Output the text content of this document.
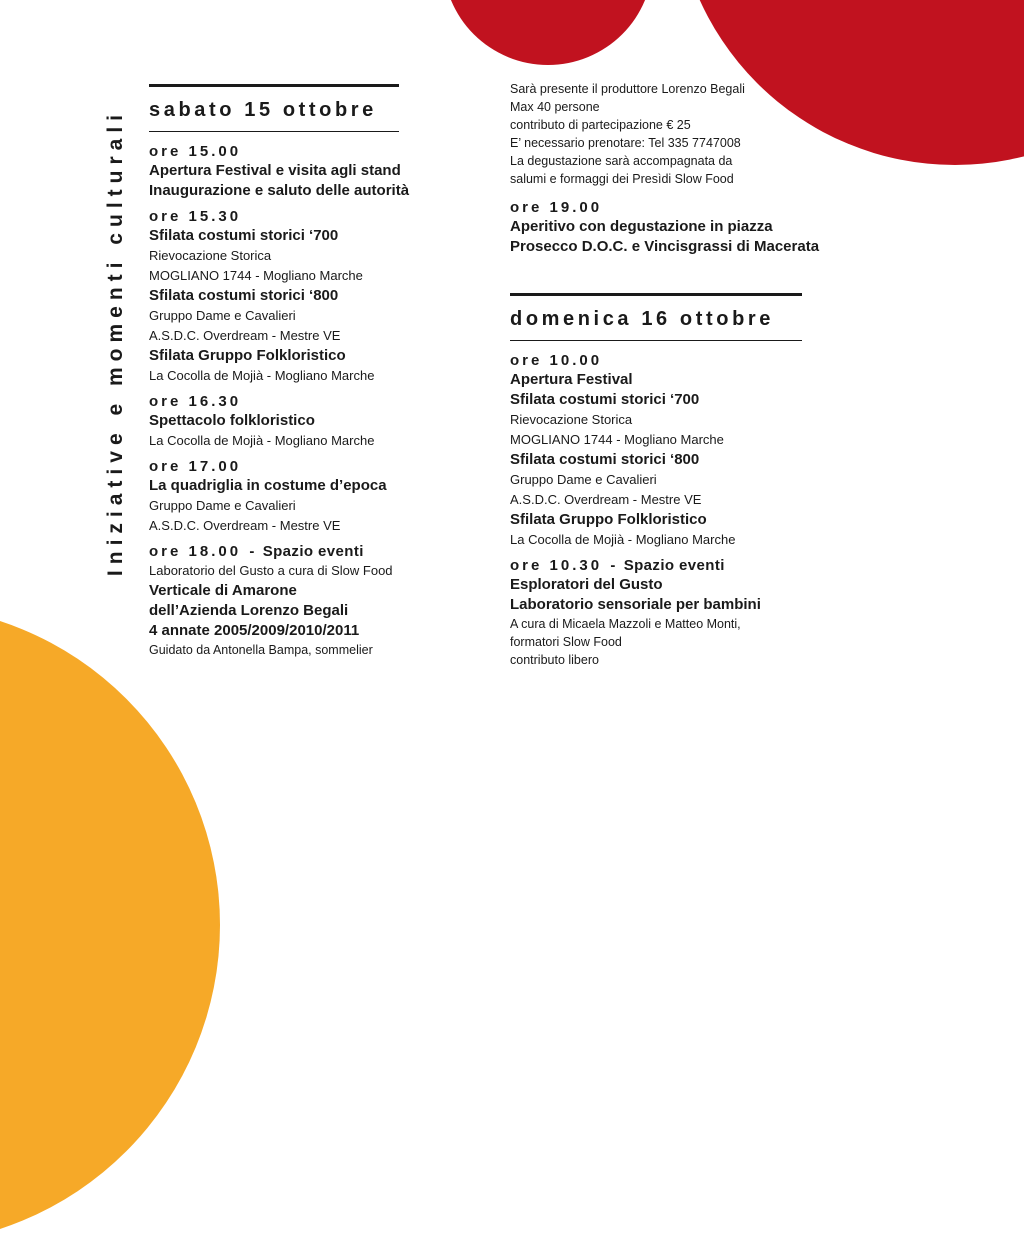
Iniziative e momenti culturali sabato 15 ottobre
ore 15.00
Apertura Festival e visita agli stand
Inaugurazione e saluto delle autorità
ore 15.30
Sfilata costumi storici ‘700
Rievocazione Storica
MOGLIANO 1744 - Mogliano Marche
Sfilata costumi storici ‘800
Gruppo Dame e Cavalieri
A.S.D.C. Overdream - Mestre VE
Sfilata Gruppo Folkloristico
La Cocolla de Mojià - Mogliano Marche
ore 16.30
Spettacolo folkloristico
La Cocolla de Mojià - Mogliano Marche
ore 17.00
La quadriglia in costume d’epoca
Gruppo Dame e Cavalieri
A.S.D.C. Overdream - Mestre VE
ore 18.00  -  Spazio eventi
Laboratorio del Gusto a cura di Slow Food
Verticale di Amarone
dell’Azienda Lorenzo Begali
4 annate 2005/2009/2010/2011
Guidato da Antonella Bampa, sommelier
Sarà presente il produttore Lorenzo Begali
Max 40 persone
contributo di partecipazione € 25
E’ necessario prenotare: Tel 335 7747008
La degustazione sarà accompagnata da
salumi e formaggi dei Presìdi Slow Food
ore 19.00
Aperitivo con degustazione in piazza
Prosecco D.O.C. e Vincisgrassi di Macerata
domenica 16 ottobre
ore 10.00
Apertura Festival
Sfilata costumi storici ‘700
Rievocazione Storica
MOGLIANO 1744 - Mogliano Marche
Sfilata costumi storici ‘800
Gruppo Dame e Cavalieri
A.S.D.C. Overdream - Mestre VE
Sfilata Gruppo Folkloristico
La Cocolla de Mojià - Mogliano Marche
ore 10.30  -  Spazio eventi
Esploratori del Gusto
Laboratorio sensoriale per bambini
A cura di Micaela Mazzoli e Matteo Monti,
formatori Slow Food
contributo libero
